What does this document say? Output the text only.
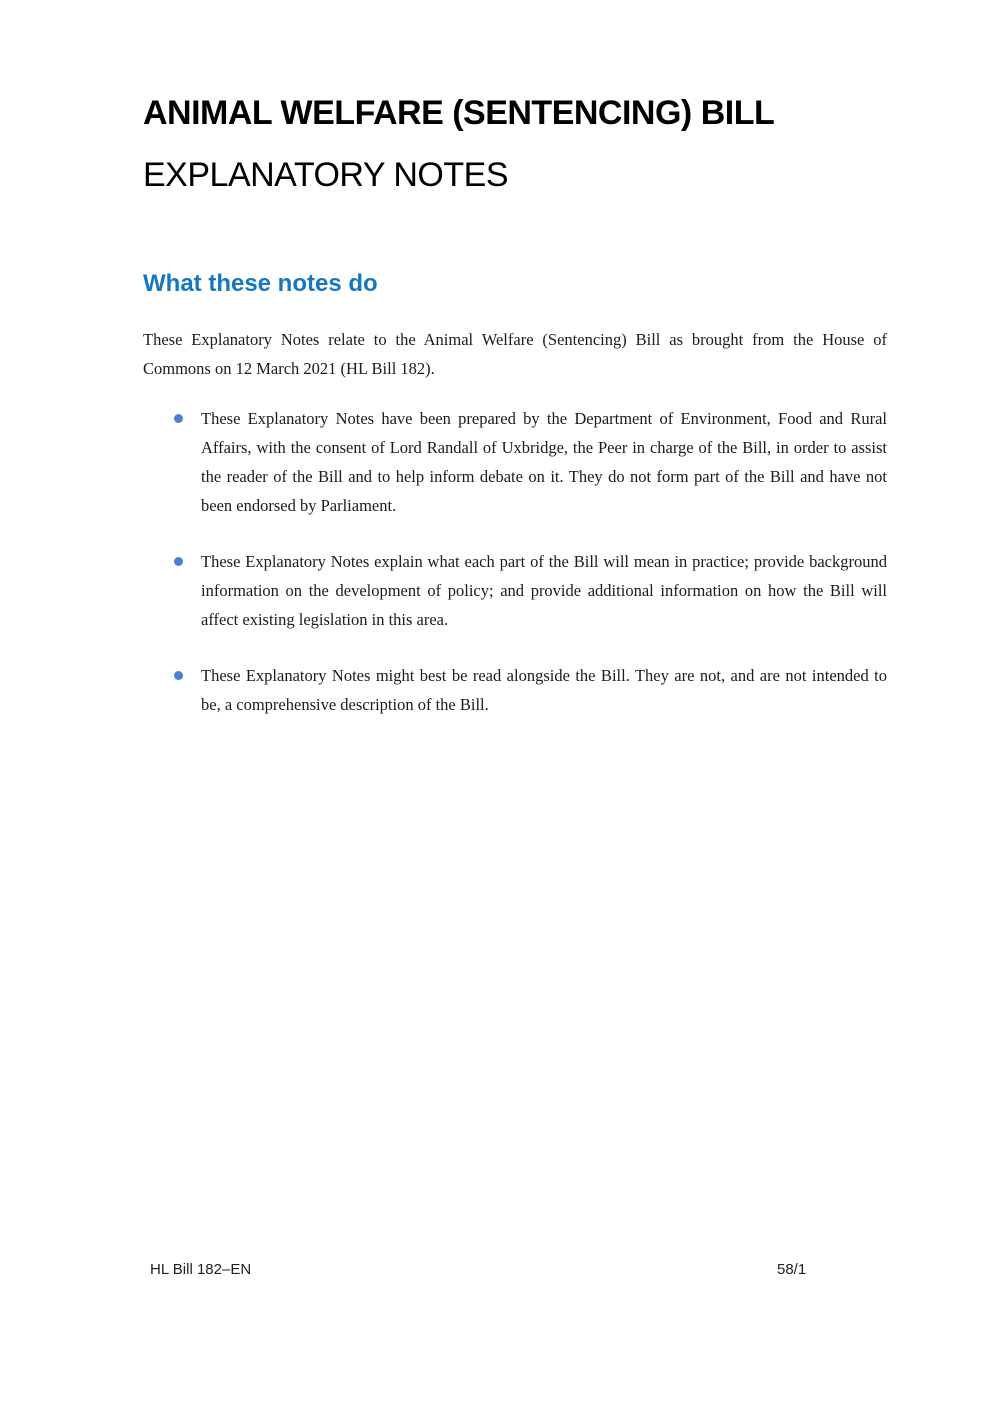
ANIMAL WELFARE (SENTENCING) BILL
EXPLANATORY NOTES
What these notes do

These Explanatory Notes relate to the Animal Welfare (Sentencing) Bill as brought from the House of Commons on 12 March 2021 (HL Bill 182).

These Explanatory Notes have been prepared by the Department of Environment, Food and Rural Affairs, with the consent of Lord Randall of Uxbridge, the Peer in charge of the Bill, in order to assist the reader of the Bill and to help inform debate on it. They do not form part of the Bill and have not been endorsed by Parliament.
These Explanatory Notes explain what each part of the Bill will mean in practice; provide background information on the development of policy; and provide additional information on how the Bill will affect existing legislation in this area.
These Explanatory Notes might best be read alongside the Bill. They are not, and are not intended to be, a comprehensive description of the Bill.
HL Bill 182–EN	58/1
